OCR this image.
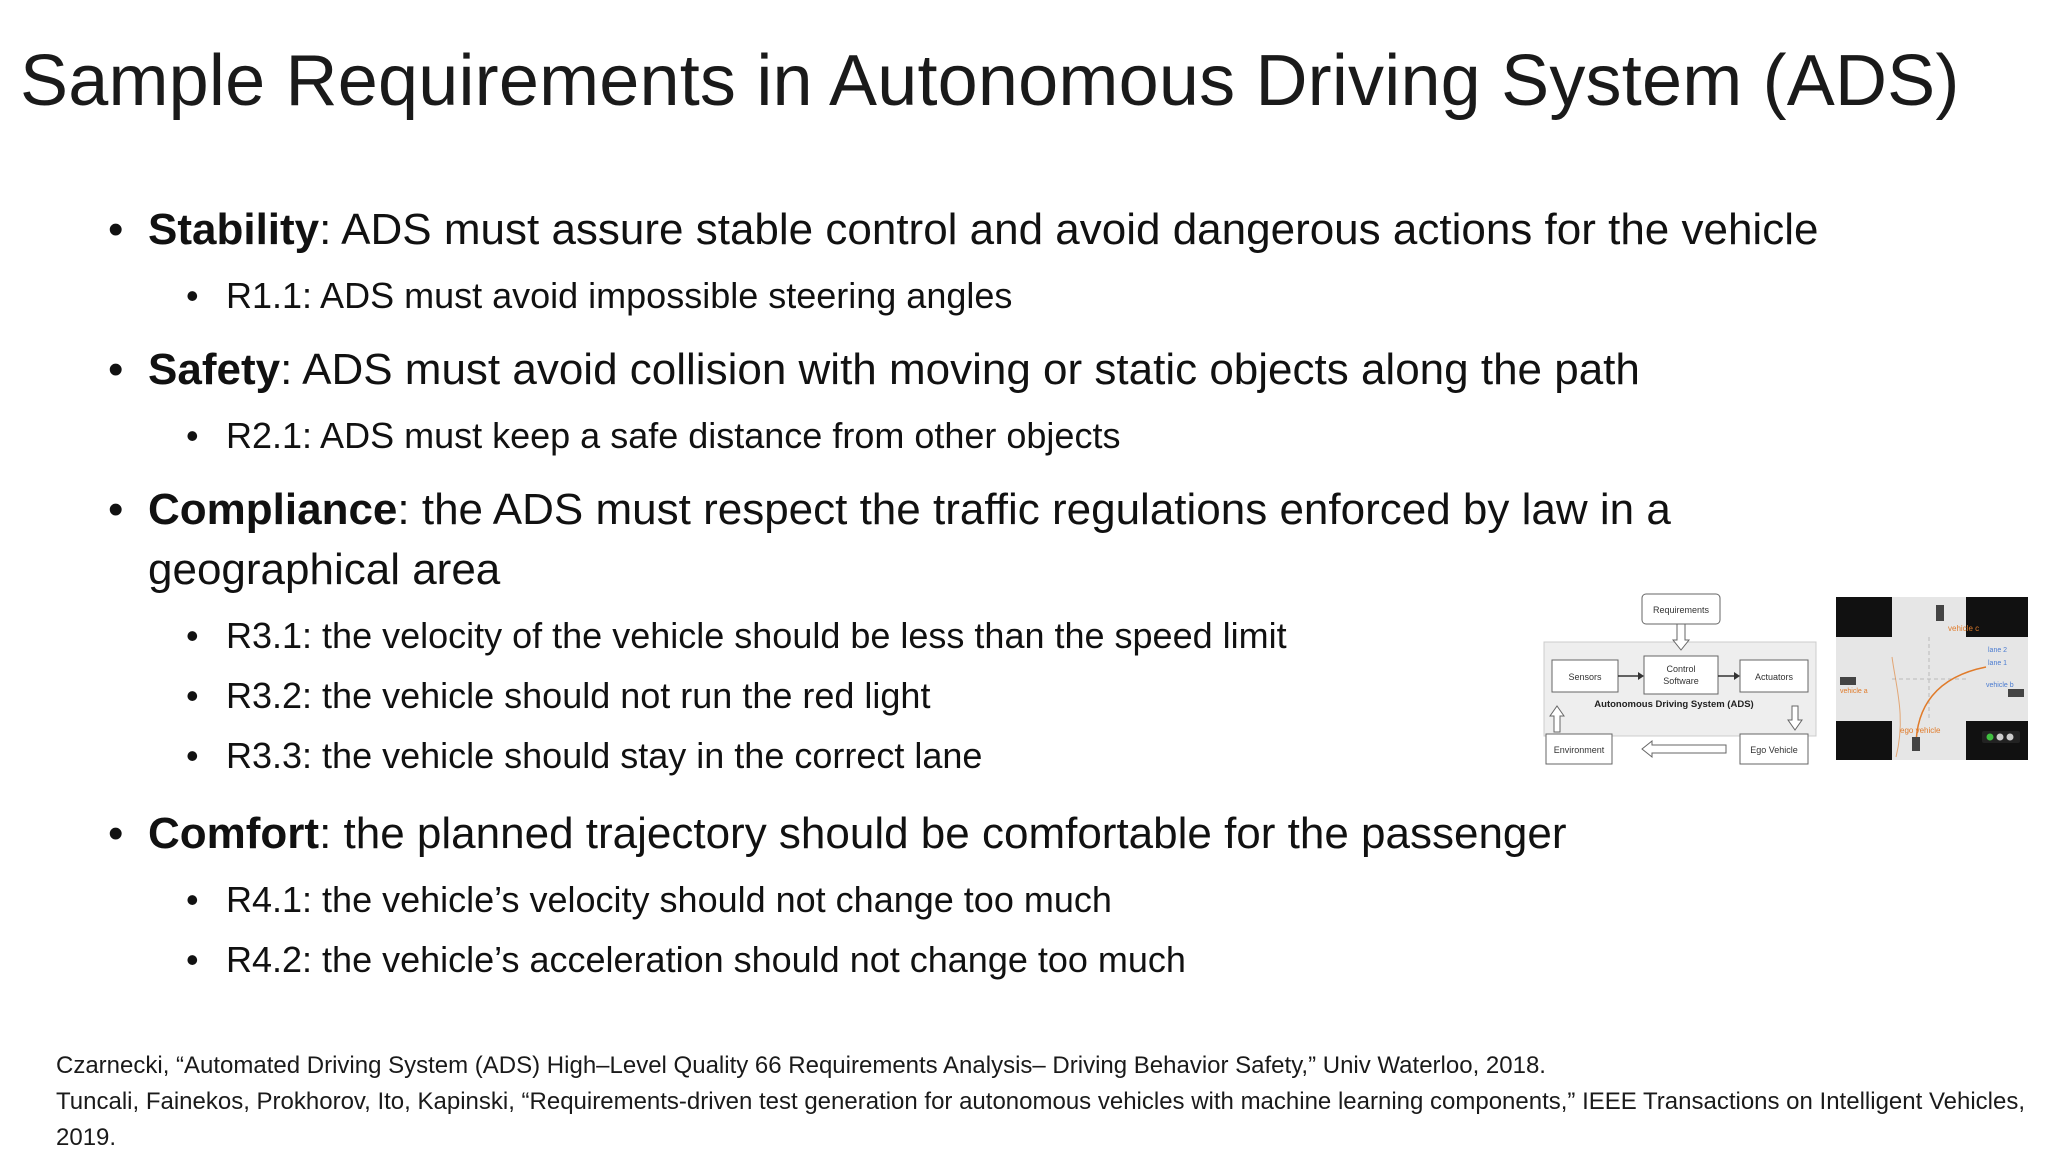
Sample Requirements in Autonomous Driving System (ADS)
• Stability: ADS must assure stable control and avoid dangerous actions for the vehicle
• R1.1: ADS must avoid impossible steering angles
• Safety: ADS must avoid collision with moving or static objects along the path
• R2.1: ADS must keep a safe distance from other objects
• Compliance: the ADS must respect the traffic regulations enforced by law in a geographical area
• R3.1: the velocity of the vehicle should be less than the speed limit
• R3.2: the vehicle should not run the red light
• R3.3: the vehicle should stay in the correct lane
• Comfort: the planned trajectory should be comfortable for the passenger
• R4.1: the vehicle’s velocity should not change too much
• R4.2: the vehicle’s acceleration should not change too much
Requirements
Sensors
Control
Software	Actuators
Autonomous Driving System (ADS)
Environment	Ego Vehicle
vehicle c
vehicle a
vehicle b
lane 2
lane 1
ego vehicle
Czarnecki, “Automated Driving System (ADS) High–Level Quality 66 Requirements Analysis– Driving Behavior Safety,” Univ Waterloo, 2018.
Tuncali, Fainekos, Prokhorov, Ito, Kapinski, “Requirements-driven test generation for autonomous vehicles with machine learning components,” IEEE Transactions on Intelligent Vehicles, 2019.
